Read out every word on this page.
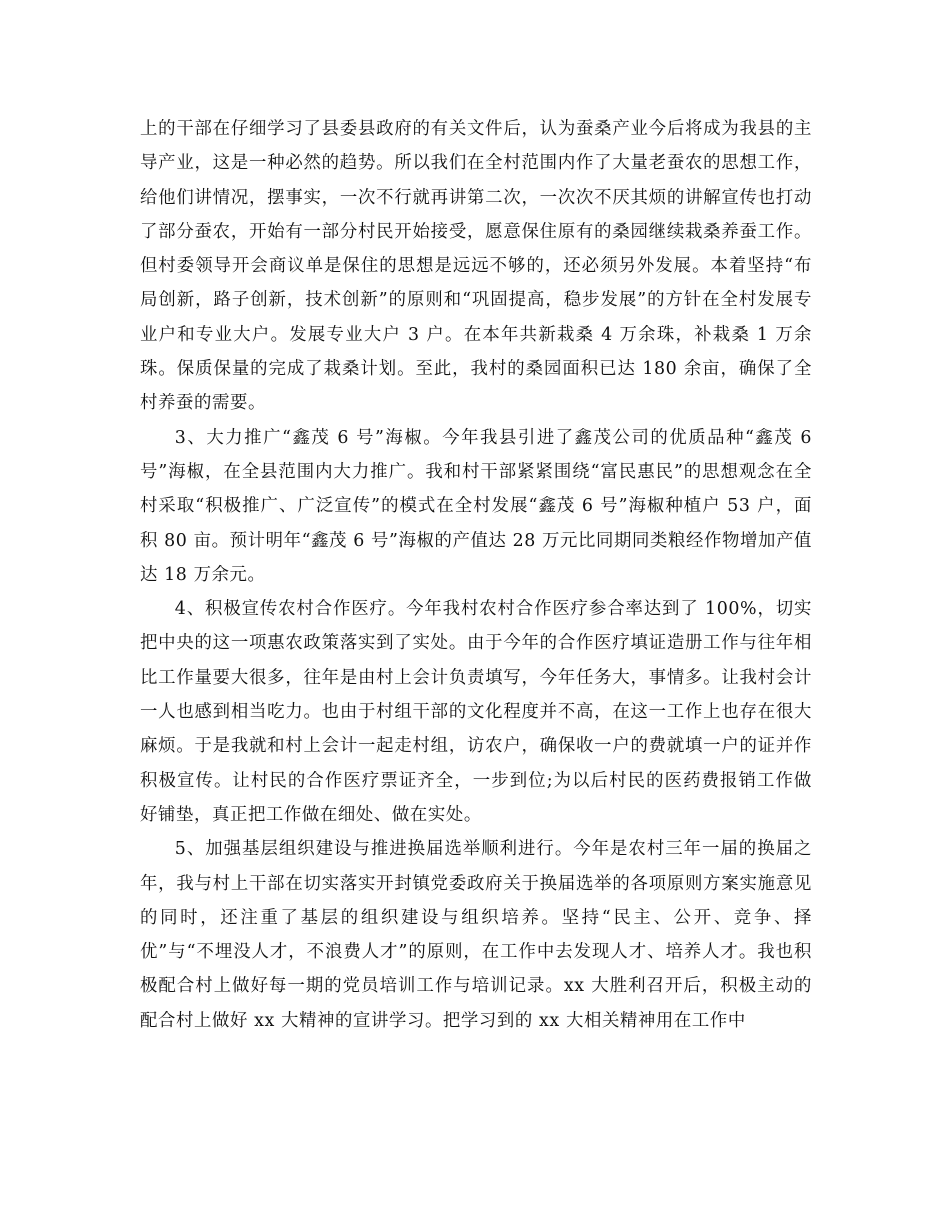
上的干部在仔细学习了县委县政府的有关文件后，认为蚕桑产业今后将成为我县的主导产业，这是一种必然的趋势。所以我们在全村范围内作了大量老蚕农的思想工作，给他们讲情况，摆事实，一次不行就再讲第二次，一次次不厌其烦的讲解宣传也打动了部分蚕农，开始有一部分村民开始接受，愿意保住原有的桑园继续栽桑养蚕工作。但村委领导开会商议单是保住的思想是远远不够的，还必须另外发展。本着坚持“布局创新，路子创新，技术创新”的原则和“巩固提高，稳步发展”的方针在全村发展专业户和专业大户。发展专业大户 3 户。在本年共新栽桑 4 万余珠，补栽桑 1 万余珠。保质保量的完成了栽桑计划。至此，我村的桑园面积已达 180 余亩，确保了全村养蚕的需要。

3、大力推广“鑫茂 6 号”海椒。今年我县引进了鑫茂公司的优质品种“鑫茂 6 号”海椒，在全县范围内大力推广。我和村干部紧紧围绕“富民惠民”的思想观念在全村采取“积极推广、广泛宣传”的模式在全村发展“鑫茂 6 号”海椒种植户 53 户，面积 80 亩。预计明年“鑫茂 6 号”海椒的产值达 28 万元比同期同类粮经作物增加产值达 18 万余元。

4、积极宣传农村合作医疗。今年我村农村合作医疗参合率达到了 100%，切实把中央的这一项惠农政策落实到了实处。由于今年的合作医疗填证造册工作与往年相比工作量要大很多，往年是由村上会计负责填写，今年任务大，事情多。让我村会计一人也感到相当吃力。也由于村组干部的文化程度并不高，在这一工作上也存在很大麻烦。于是我就和村上会计一起走村组，访农户，确保收一户的费就填一户的证并作积极宣传。让村民的合作医疗票证齐全，一步到位;为以后村民的医药费报销工作做好铺垫，真正把工作做在细处、做在实处。

5、加强基层组织建设与推进换届选举顺利进行。今年是农村三年一届的换届之年，我与村上干部在切实落实开封镇党委政府关于换届选举的各项原则方案实施意见的同时，还注重了基层的组织建设与组织培养。坚持“民主、公开、竞争、择优”与“不埋没人才，不浪费人才”的原则，在工作中去发现人才、培养人才。我也积极配合村上做好每一期的党员培训工作与培训记录。xx 大胜利召开后，积极主动的配合村上做好 xx 大精神的宣讲学习。把学习到的 xx 大相关精神用在工作中
